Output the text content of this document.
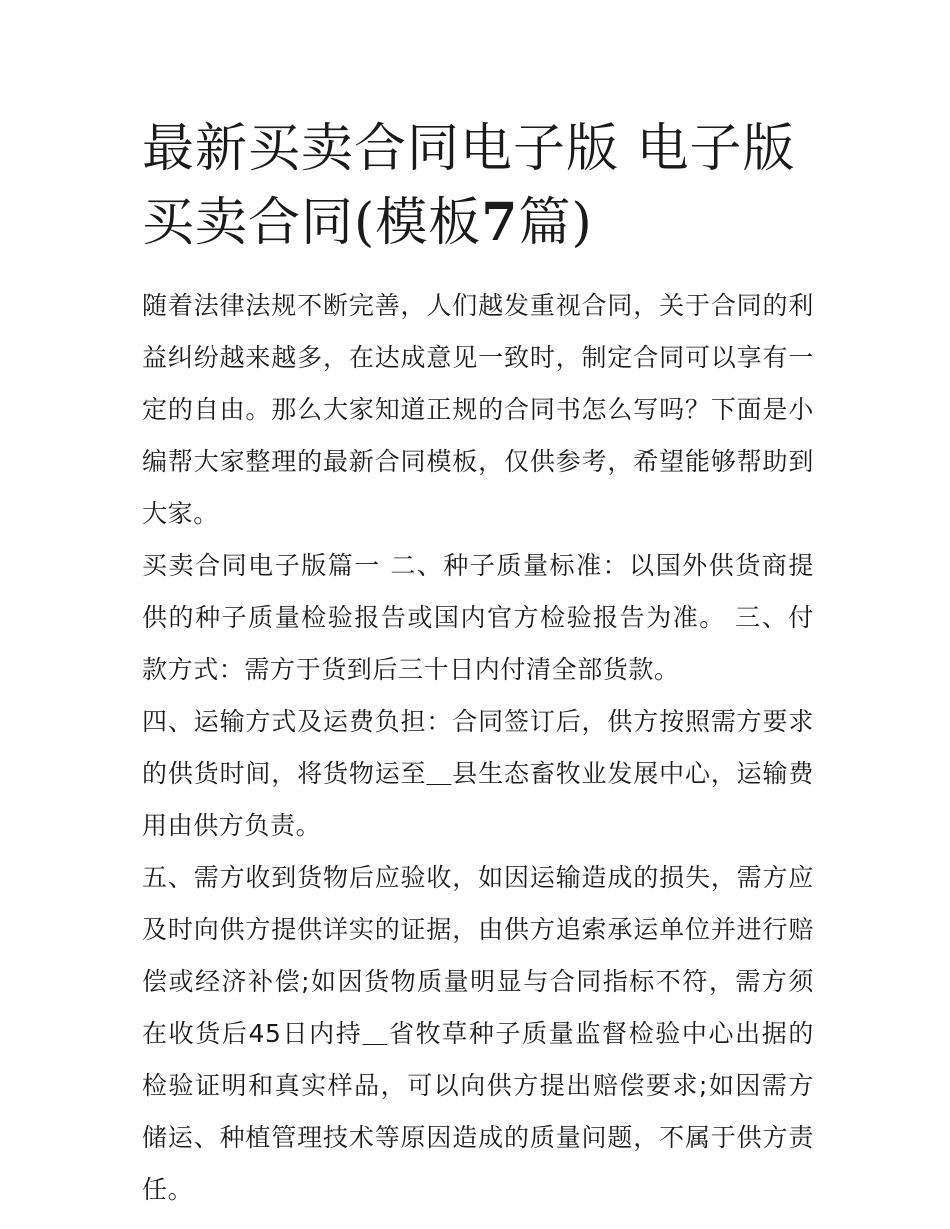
最新买卖合同电子版 电子版买卖合同(模板7篇)

随着法律法规不断完善，人们越发重视合同，关于合同的利益纠纷越来越多，在达成意见一致时，制定合同可以享有一定的自由。那么大家知道正规的合同书怎么写吗？下面是小编帮大家整理的最新合同模板，仅供参考，希望能够帮助到大家。

买卖合同电子版篇一 二、种子质量标准：以国外供货商提供的种子质量检验报告或国内官方检验报告为准。 三、付款方式：需方于货到后三十日内付清全部货款。

四、运输方式及运费负担：合同签订后，供方按照需方要求的供货时间，将货物运至＿县生态畜牧业发展中心，运输费用由供方负责。

五、需方收到货物后应验收，如因运输造成的损失，需方应及时向供方提供详实的证据，由供方追索承运单位并进行赔偿或经济补偿;如因货物质量明显与合同指标不符，需方须在收货后45日内持＿省牧草种子质量监督检验中心出据的检验证明和真实样品，可以向供方提出赔偿要求;如因需方储运、种植管理技术等原因造成的质量问题，不属于供方责任。
